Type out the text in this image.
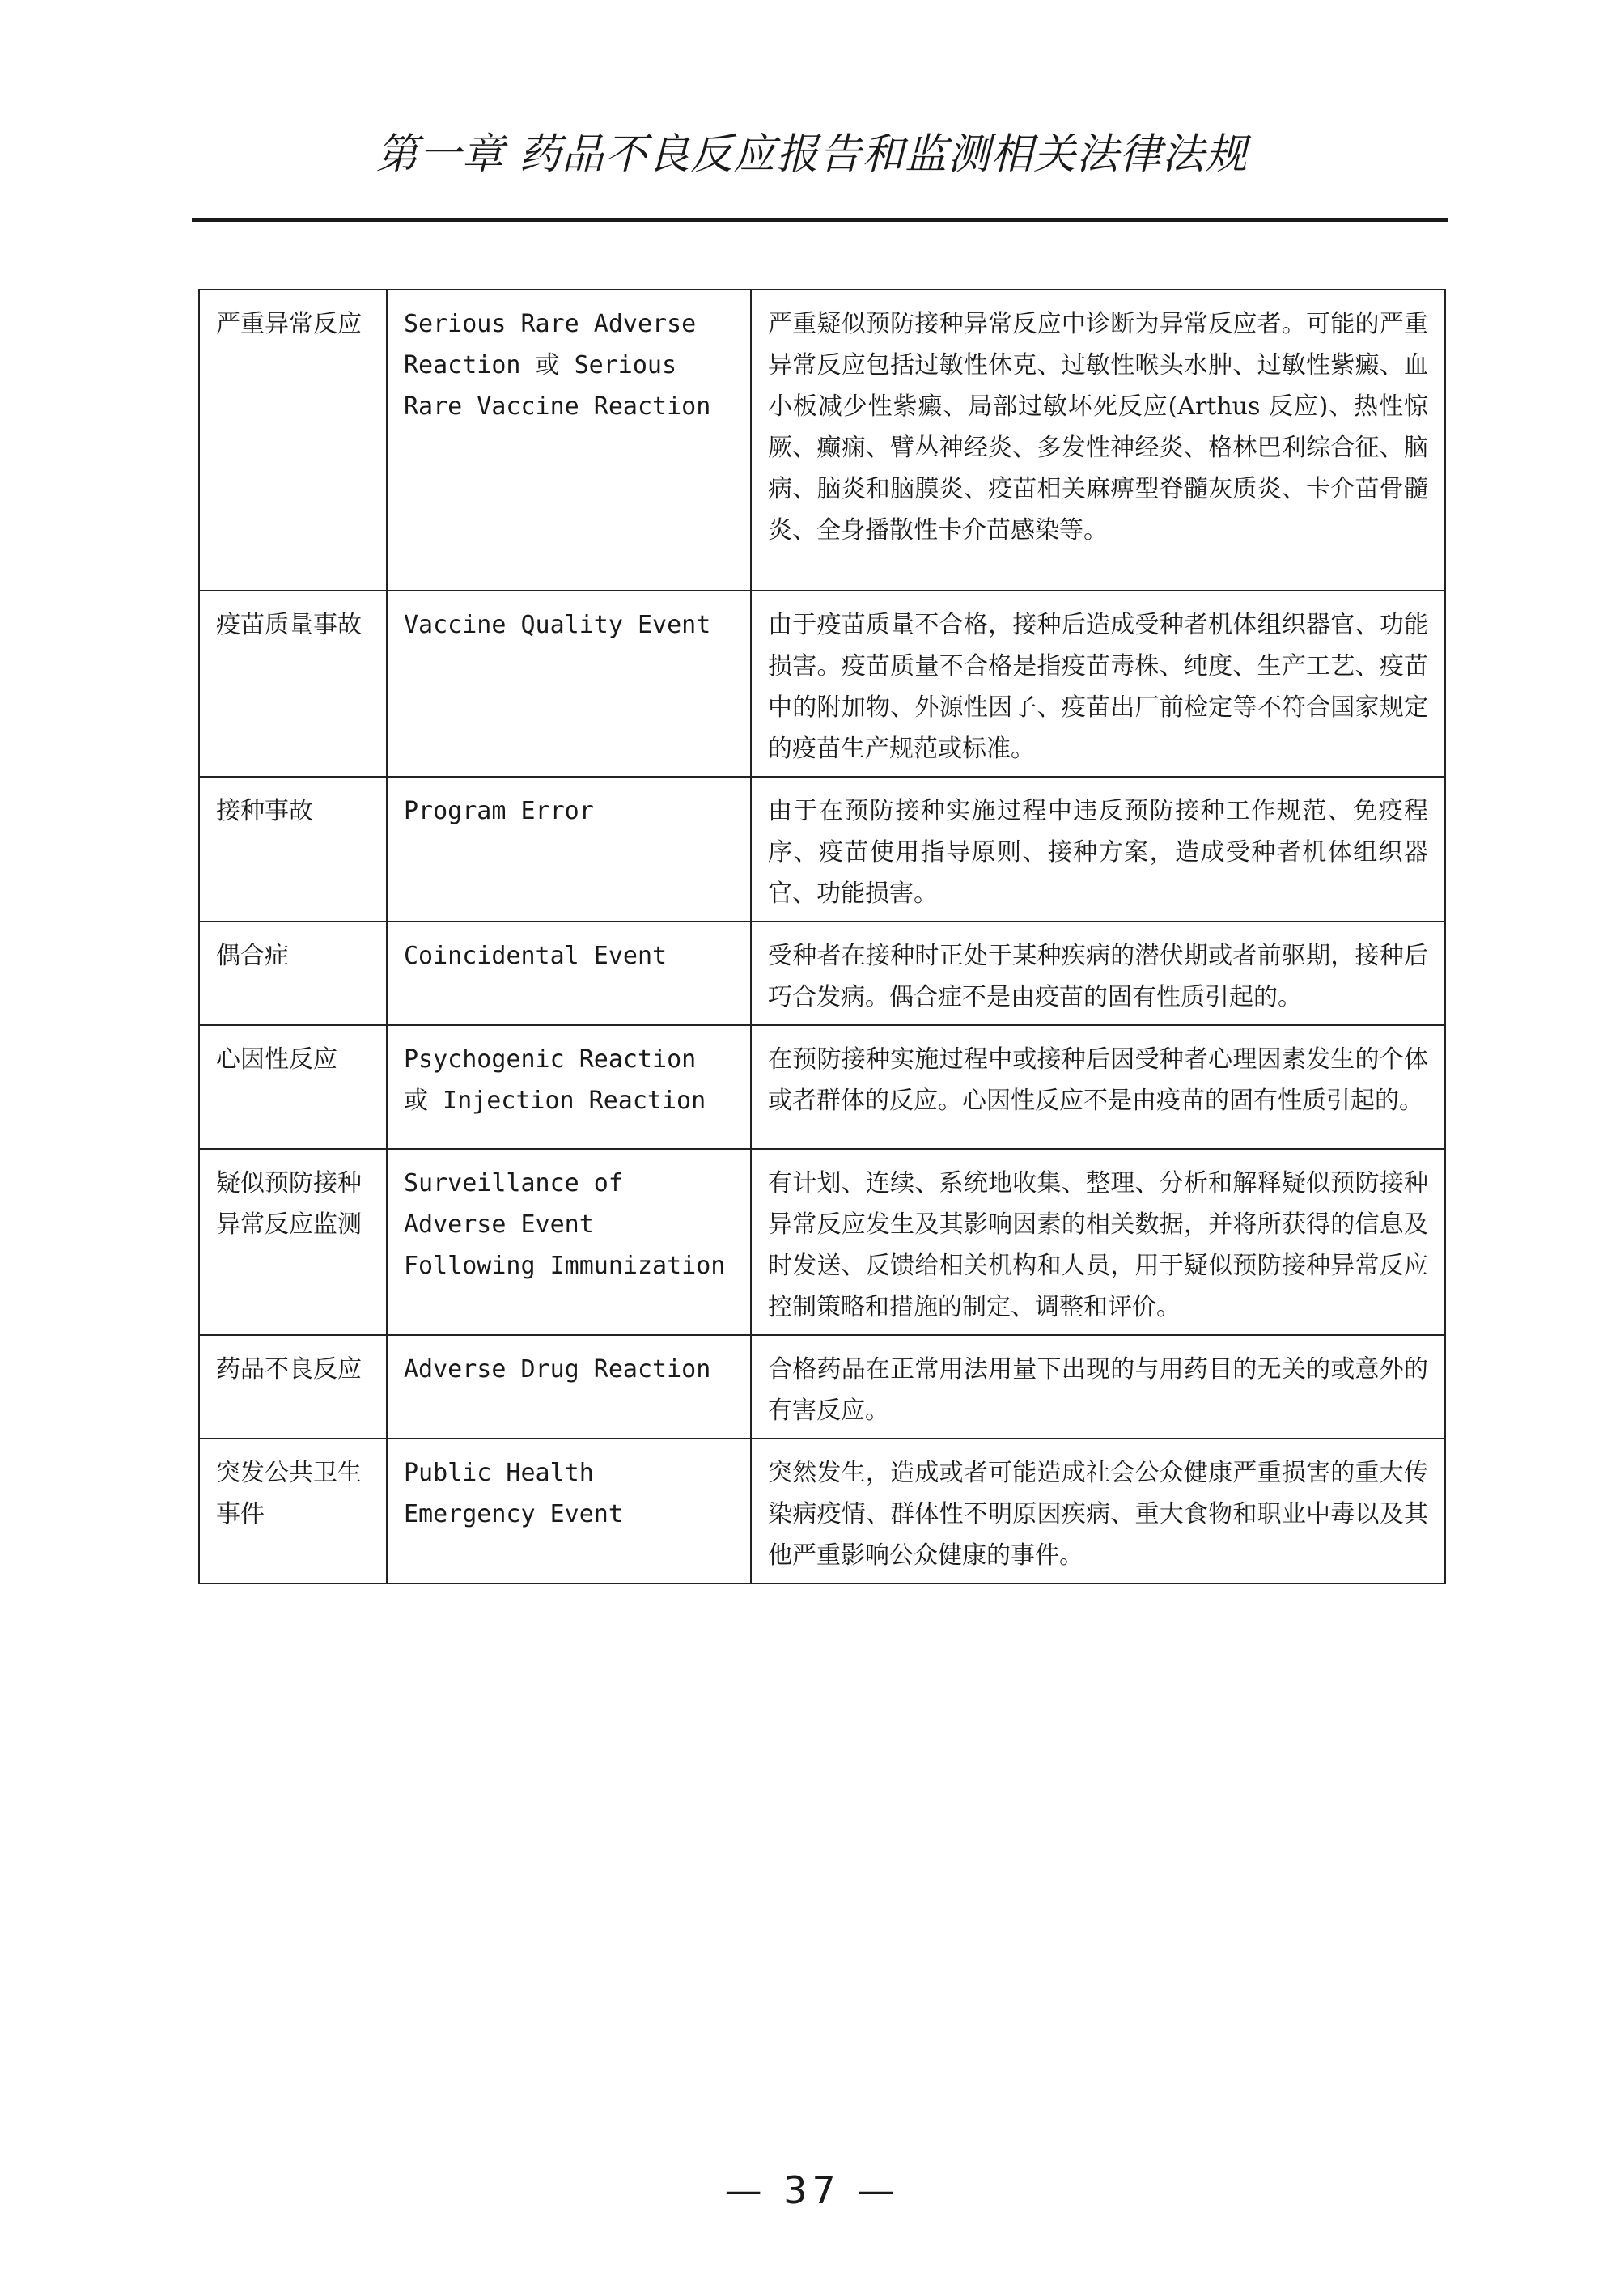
第一章 药品不良反应报告和监测相关法律法规
严重异常反应	Serious Rare Adverse Reaction 或 Serious Rare Vaccine Reaction	严重疑似预防接种异常反应中诊断为异常反应者。可能的严重异常反应包括过敏性休克、过敏性喉头水肿、过敏性紫癜、血小板减少性紫癜、局部过敏坏死反应(Arthus 反应)、热性惊厥、癫痫、臂丛神经炎、多发性神经炎、格林巴利综合征、脑病、脑炎和脑膜炎、疫苗相关麻痹型脊髓灰质炎、卡介苗骨髓炎、全身播散性卡介苗感染等。
疫苗质量事故	Vaccine Quality Event	由于疫苗质量不合格，接种后造成受种者机体组织器官、功能损害。疫苗质量不合格是指疫苗毒株、纯度、生产工艺、疫苗中的附加物、外源性因子、疫苗出厂前检定等不符合国家规定的疫苗生产规范或标准。
接种事故	Program Error	由于在预防接种实施过程中违反预防接种工作规范、免疫程序、疫苗使用指导原则、接种方案，造成受种者机体组织器官、功能损害。
偶合症	Coincidental Event	受种者在接种时正处于某种疾病的潜伏期或者前驱期，接种后巧合发病。偶合症不是由疫苗的固有性质引起的。
心因性反应	Psychogenic Reaction 或 Injection Reaction	在预防接种实施过程中或接种后因受种者心理因素发生的个体或者群体的反应。心因性反应不是由疫苗的固有性质引起的。
疑似预防接种异常反应监测	Surveillance of Adverse Event Following Immunization	有计划、连续、系统地收集、整理、分析和解释疑似预防接种异常反应发生及其影响因素的相关数据，并将所获得的信息及时发送、反馈给相关机构和人员，用于疑似预防接种异常反应控制策略和措施的制定、调整和评价。
药品不良反应	Adverse Drug Reaction	合格药品在正常用法用量下出现的与用药目的无关的或意外的有害反应。
突发公共卫生事件	Public Health Emergency Event	突然发生，造成或者可能造成社会公众健康严重损害的重大传染病疫情、群体性不明原因疾病、重大食物和职业中毒以及其他严重影响公众健康的事件。
— 37 —
